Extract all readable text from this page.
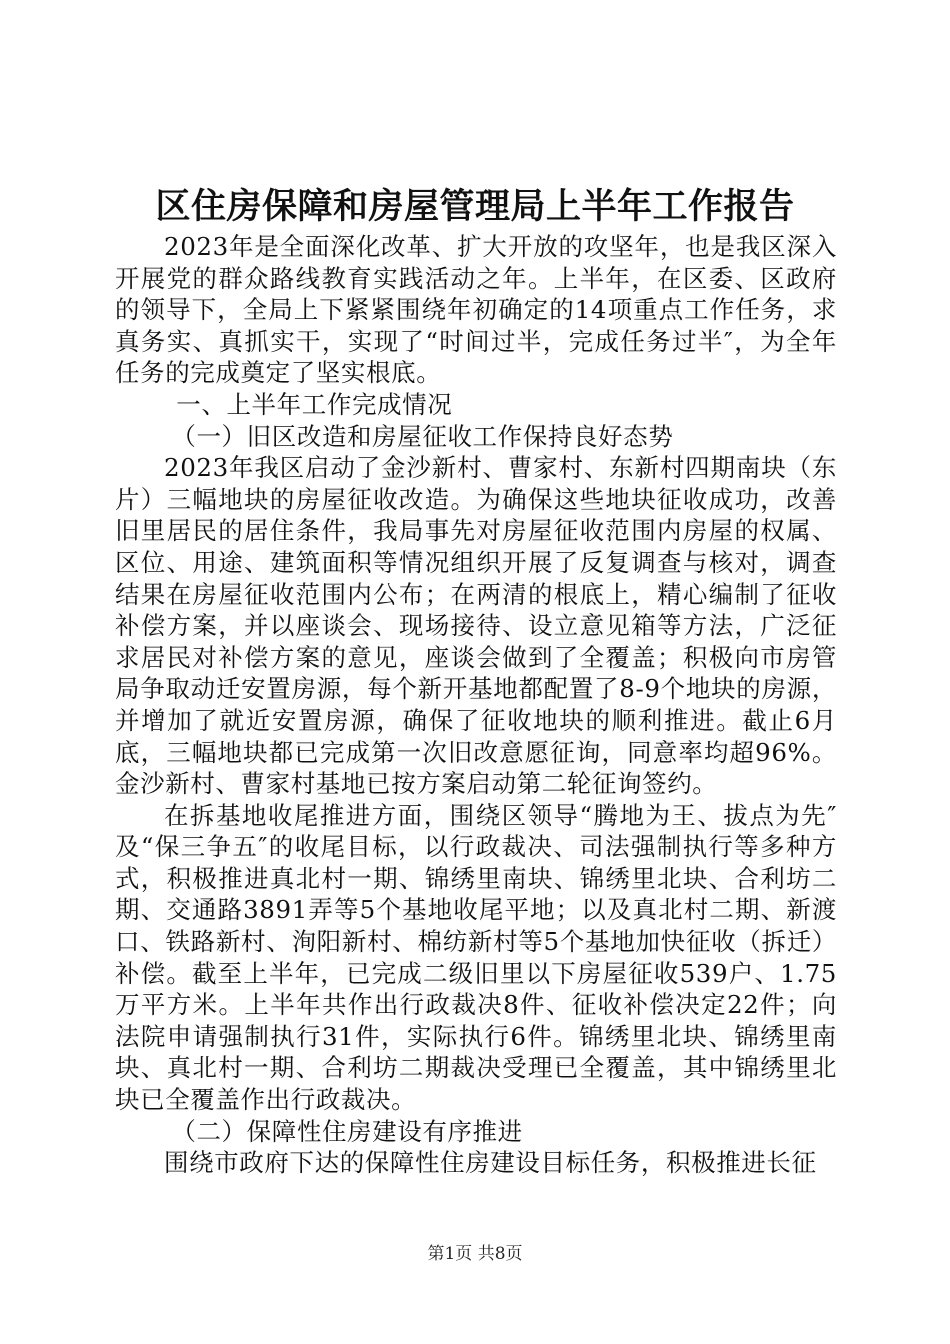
区住房保障和房屋管理局上半年工作报告

2023年是全面深化改革、扩大开放的攻坚年，也是我区深入开展党的群众路线教育实践活动之年。上半年，在区委、区政府的领导下，全局上下紧紧围绕年初确定的14项重点工作任务，求真务实、真抓实干，实现了“时间过半，完成任务过半″，为全年任务的完成奠定了坚实根底。

一、上半年工作完成情况

（一）旧区改造和房屋征收工作保持良好态势

2023年我区启动了金沙新村、曹家村、东新村四期南块（东片）三幅地块的房屋征收改造。为确保这些地块征收成功，改善旧里居民的居住条件，我局事先对房屋征收范围内房屋的权属、区位、用途、建筑面积等情况组织开展了反复调查与核对，调查结果在房屋征收范围内公布；在两清的根底上，精心编制了征收补偿方案，并以座谈会、现场接待、设立意见箱等方法，广泛征求居民对补偿方案的意见，座谈会做到了全覆盖；积极向市房管局争取动迁安置房源，每个新开基地都配置了8-9个地块的房源，并增加了就近安置房源，确保了征收地块的顺利推进。截止6月底，三幅地块都已完成第一次旧改意愿征询，同意率均超96%。金沙新村、曹家村基地已按方案启动第二轮征询签约。

在拆基地收尾推进方面，围绕区领导“腾地为王、拔点为先″及“保三争五″的收尾目标，以行政裁决、司法强制执行等多种方式，积极推进真北村一期、锦绣里南块、锦绣里北块、合利坊二期、交通路3891弄等5个基地收尾平地；以及真北村二期、新渡口、铁路新村、洵阳新村、棉纺新村等5个基地加快征收（拆迁）补偿。截至上半年，已完成二级旧里以下房屋征收539户、1.75万平方米。上半年共作出行政裁决8件、征收补偿决定22件；向法院申请强制执行31件，实际执行6件。锦绣里北块、锦绣里南块、真北村一期、合利坊二期裁决受理已全覆盖，其中锦绣里北块已全覆盖作出行政裁决。

（二）保障性住房建设有序推进

围绕市政府下达的保障性住房建设目标任务，积极推进长征

第1页 共8页
